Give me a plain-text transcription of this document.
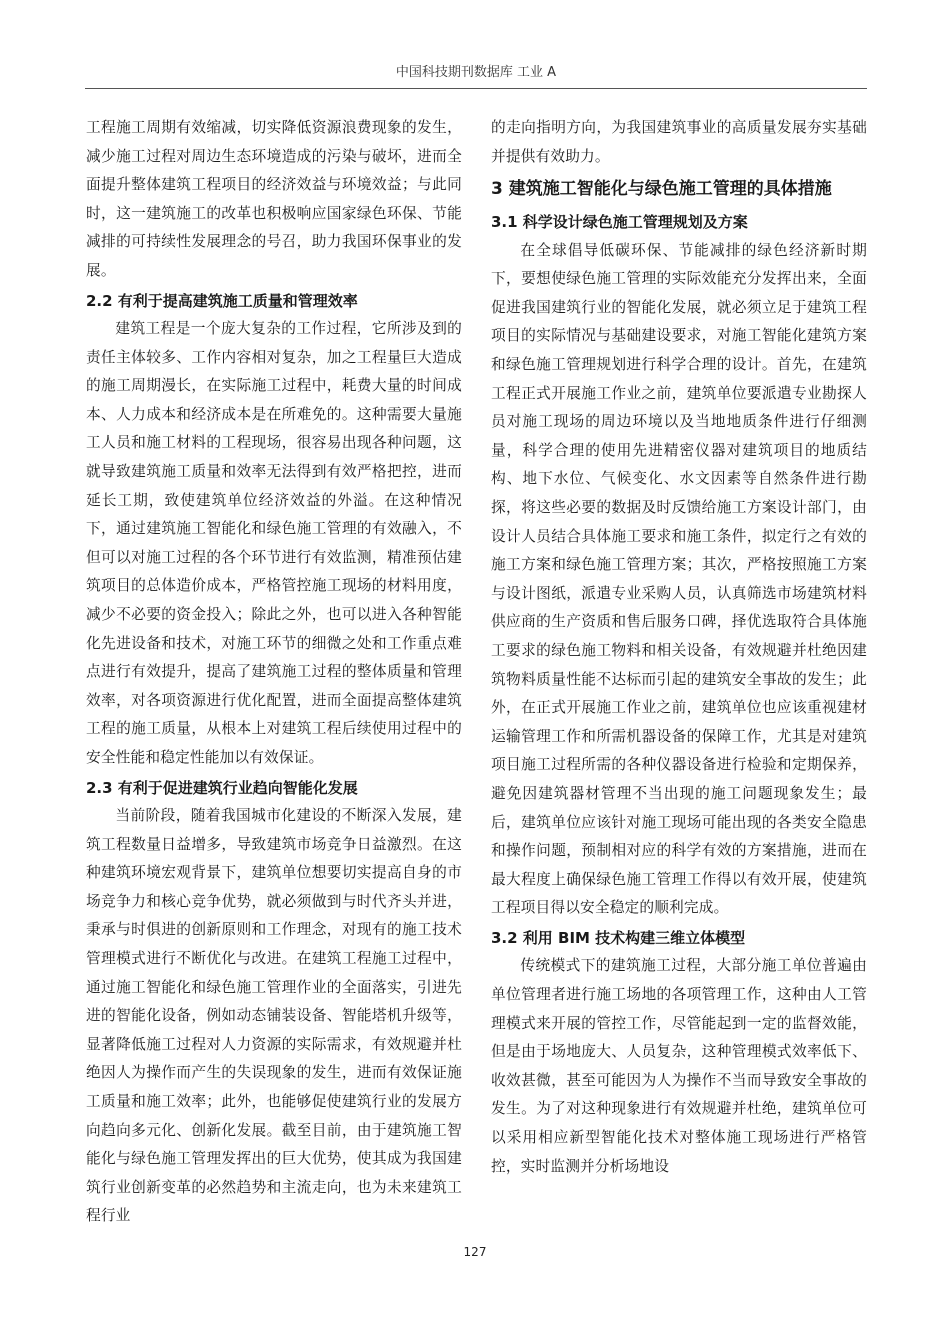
中国科技期刊数据库 工业 A

工程施工周期有效缩减，切实降低资源浪费现象的发生，减少施工过程对周边生态环境造成的污染与破坏，进而全面提升整体建筑工程项目的经济效益与环境效益；与此同时，这一建筑施工的改革也积极响应国家绿色环保、节能减排的可持续性发展理念的号召，助力我国环保事业的发展。

2.2 有利于提高建筑施工质量和管理效率

建筑工程是一个庞大复杂的工作过程，它所涉及到的责任主体较多、工作内容相对复杂，加之工程量巨大造成的施工周期漫长，在实际施工过程中，耗费大量的时间成本、人力成本和经济成本是在所难免的。这种需要大量施工人员和施工材料的工程现场，很容易出现各种问题，这就导致建筑施工质量和效率无法得到有效严格把控，进而延长工期，致使建筑单位经济效益的外溢。在这种情况下，通过建筑施工智能化和绿色施工管理的有效融入，不但可以对施工过程的各个环节进行有效监测，精准预估建筑项目的总体造价成本，严格管控施工现场的材料用度，减少不必要的资金投入；除此之外，也可以进入各种智能化先进设备和技术，对施工环节的细微之处和工作重点难点进行有效提升，提高了建筑施工过程的整体质量和管理效率，对各项资源进行优化配置，进而全面提高整体建筑工程的施工质量，从根本上对建筑工程后续使用过程中的安全性能和稳定性能加以有效保证。

2.3 有利于促进建筑行业趋向智能化发展

当前阶段，随着我国城市化建设的不断深入发展，建筑工程数量日益增多，导致建筑市场竞争日益激烈。在这种建筑环境宏观背景下，建筑单位想要切实提高自身的市场竞争力和核心竞争优势，就必须做到与时代齐头并进，秉承与时俱进的创新原则和工作理念，对现有的施工技术管理模式进行不断优化与改进。在建筑工程施工过程中，通过施工智能化和绿色施工管理作业的全面落实，引进先进的智能化设备，例如动态铺装设备、智能塔机升级等，显著降低施工过程对人力资源的实际需求，有效规避并杜绝因人为操作而产生的失误现象的发生，进而有效保证施工质量和施工效率；此外，也能够促使建筑行业的发展方向趋向多元化、创新化发展。截至目前，由于建筑施工智能化与绿色施工管理发挥出的巨大优势，使其成为我国建筑行业创新变革的必然趋势和主流走向，也为未来建筑工程行业

的走向指明方向，为我国建筑事业的高质量发展夯实基础并提供有效助力。

3 建筑施工智能化与绿色施工管理的具体措施
3.1 科学设计绿色施工管理规划及方案

在全球倡导低碳环保、节能减排的绿色经济新时期下，要想使绿色施工管理的实际效能充分发挥出来，全面促进我国建筑行业的智能化发展，就必须立足于建筑工程项目的实际情况与基础建设要求，对施工智能化建筑方案和绿色施工管理规划进行科学合理的设计。首先，在建筑工程正式开展施工作业之前，建筑单位要派遣专业勘探人员对施工现场的周边环境以及当地地质条件进行仔细测量，科学合理的使用先进精密仪器对建筑项目的地质结构、地下水位、气候变化、水文因素等自然条件进行勘探，将这些必要的数据及时反馈给施工方案设计部门，由设计人员结合具体施工要求和施工条件，拟定行之有效的施工方案和绿色施工管理方案；其次，严格按照施工方案与设计图纸，派遣专业采购人员，认真筛选市场建筑材料供应商的生产资质和售后服务口碑，择优选取符合具体施工要求的绿色施工物料和相关设备，有效规避并杜绝因建筑物料质量性能不达标而引起的建筑安全事故的发生；此外，在正式开展施工作业之前，建筑单位也应该重视建材运输管理工作和所需机器设备的保障工作，尤其是对建筑项目施工过程所需的各种仪器设备进行检验和定期保养，避免因建筑器材管理不当出现的施工问题现象发生；最后，建筑单位应该针对施工现场可能出现的各类安全隐患和操作问题，预制相对应的科学有效的方案措施，进而在最大程度上确保绿色施工管理工作得以有效开展，使建筑工程项目得以安全稳定的顺利完成。

3.2 利用 BIM 技术构建三维立体模型

传统模式下的建筑施工过程，大部分施工单位普遍由单位管理者进行施工场地的各项管理工作，这种由人工管理模式来开展的管控工作，尽管能起到一定的监督效能，但是由于场地庞大、人员复杂，这种管理模式效率低下、收效甚微，甚至可能因为人为操作不当而导致安全事故的发生。为了对这种现象进行有效规避并杜绝，建筑单位可以采用相应新型智能化技术对整体施工现场进行严格管控，实时监测并分析场地设

127
